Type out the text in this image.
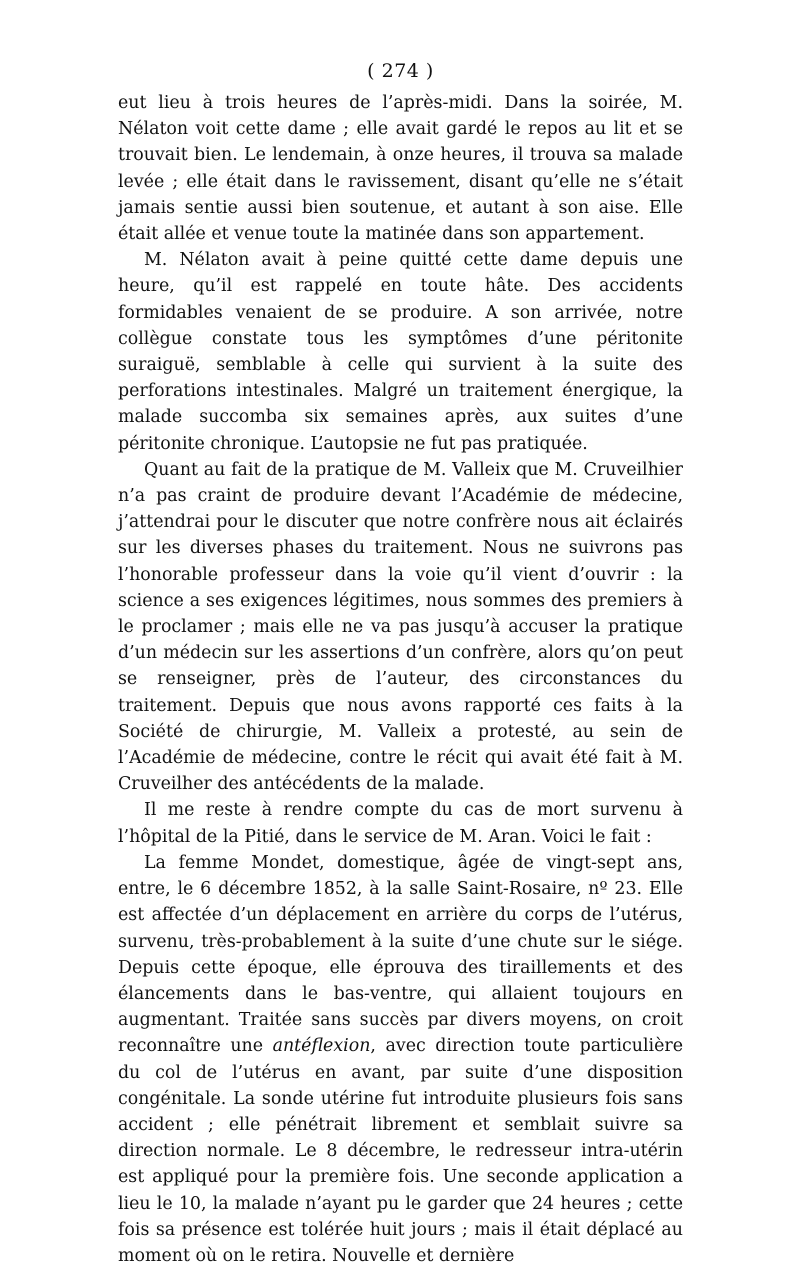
( 274 )

eut lieu à trois heures de l’après-midi. Dans la soirée, M. Nélaton voit cette dame ; elle avait gardé le repos au lit et se trouvait bien. Le lendemain, à onze heures, il trouva sa malade levée ; elle était dans le ravissement, disant qu’elle ne s’était jamais sentie aussi bien soutenue, et autant à son aise. Elle était allée et venue toute la matinée dans son appartement.

M. Nélaton avait à peine quitté cette dame depuis une heure, qu’il est rappelé en toute hâte. Des accidents formidables venaient de se produire. A son arrivée, notre collègue constate tous les symptômes d’une péritonite suraiguë, semblable à celle qui survient à la suite des perforations intestinales. Malgré un traitement énergique, la malade succomba six semaines après, aux suites d’une péritonite chronique. L’autopsie ne fut pas pratiquée.

Quant au fait de la pratique de M. Valleix que M. Cruveilhier n’a pas craint de produire devant l’Académie de médecine, j’attendrai pour le discuter que notre confrère nous ait éclairés sur les diverses phases du traitement. Nous ne suivrons pas l’honorable professeur dans la voie qu’il vient d’ouvrir : la science a ses exigences légitimes, nous sommes des premiers à le proclamer ; mais elle ne va pas jusqu’à accuser la pratique d’un médecin sur les assertions d’un confrère, alors qu’on peut se renseigner, près de l’auteur, des circonstances du traitement. Depuis que nous avons rapporté ces faits à la Société de chirurgie, M. Valleix a protesté, au sein de l’Académie de médecine, contre le récit qui avait été fait à M. Cruveilher des antécédents de la malade.

Il me reste à rendre compte du cas de mort survenu à l’hôpital de la Pitié, dans le service de M. Aran. Voici le fait :

La femme Mondet, domestique, âgée de vingt-sept ans, entre, le 6 décembre 1852, à la salle Saint-Rosaire, nº 23. Elle est affectée d’un déplacement en arrière du corps de l’utérus, survenu, très-probablement à la suite d’une chute sur le siége. Depuis cette époque, elle éprouva des tiraillements et des élancements dans le bas-ventre, qui allaient toujours en augmentant. Traitée sans succès par divers moyens, on croit reconnaître une antéflexion, avec direction toute particulière du col de l’utérus en avant, par suite d’une disposition congénitale. La sonde utérine fut introduite plusieurs fois sans accident ; elle pénétrait librement et semblait suivre sa direction normale. Le 8 décembre, le redresseur intra-utérin est appliqué pour la première fois. Une seconde application a lieu le 10, la malade n’ayant pu le garder que 24 heures ; cette fois sa présence est tolérée huit jours ; mais il était déplacé au moment où on le retira. Nouvelle et dernière
